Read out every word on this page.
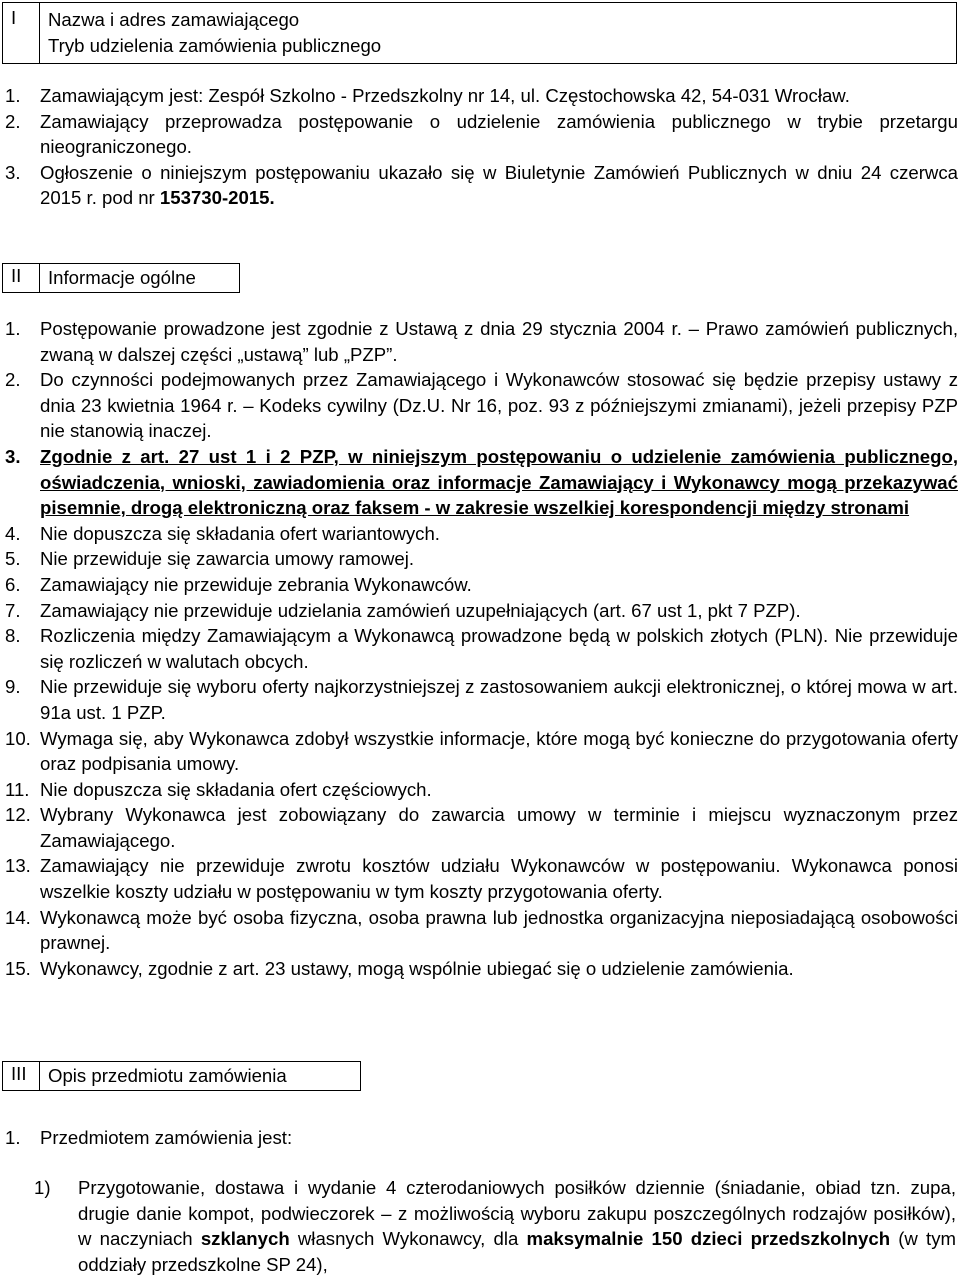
I	Nazwa i adres zamawiającego
Tryb udzielenia zamówienia publicznego
1.	Zamawiającym jest: Zespół Szkolno - Przedszkolny nr 14, ul. Częstochowska 42, 54-031 Wrocław.
2.	Zamawiający przeprowadza postępowanie o udzielenie zamówienia publicznego w trybie przetargu nieograniczonego.
3.	Ogłoszenie o niniejszym postępowaniu ukazało się w Biuletynie Zamówień Publicznych w dniu 24 czerwca 2015 r. pod nr 153730-2015.
II	Informacje ogólne
1.	Postępowanie prowadzone jest zgodnie z Ustawą z dnia 29 stycznia 2004 r. – Prawo zamówień publicznych, zwaną w dalszej części „ustawą” lub „PZP”.
2.	Do czynności podejmowanych przez Zamawiającego i Wykonawców stosować się będzie przepisy ustawy z dnia 23 kwietnia 1964 r. – Kodeks cywilny (Dz.U. Nr 16, poz. 93 z późniejszymi zmianami), jeżeli przepisy PZP nie stanowią inaczej.
3.	Zgodnie z art. 27 ust 1 i 2 PZP, w niniejszym postępowaniu o udzielenie zamówienia publicznego, oświadczenia, wnioski, zawiadomienia oraz informacje Zamawiający i Wykonawcy mogą przekazywać pisemnie, drogą elektroniczną oraz faksem - w zakresie wszelkiej korespondencji między stronami
4.	Nie dopuszcza się składania ofert wariantowych.
5.	Nie przewiduje się zawarcia umowy ramowej.
6.	Zamawiający nie przewiduje zebrania Wykonawców.
7.	Zamawiający nie przewiduje udzielania zamówień uzupełniających (art. 67 ust 1, pkt 7 PZP).
8.	Rozliczenia między Zamawiającym a Wykonawcą prowadzone będą w polskich złotych (PLN). Nie przewiduje się rozliczeń w walutach obcych.
9.	Nie przewiduje się wyboru oferty najkorzystniejszej z zastosowaniem aukcji elektronicznej, o której mowa w art. 91a ust. 1 PZP.
10. Wymaga się, aby Wykonawca zdobył wszystkie informacje, które mogą być konieczne do przygotowania oferty oraz podpisania umowy.
11. Nie dopuszcza się składania ofert częściowych.
12. Wybrany Wykonawca jest zobowiązany do zawarcia umowy w terminie i miejscu wyznaczonym przez Zamawiającego.
13. Zamawiający nie przewiduje zwrotu kosztów udziału Wykonawców w postępowaniu. Wykonawca ponosi wszelkie koszty udziału w postępowaniu w tym koszty przygotowania oferty.
14. Wykonawcą może być osoba fizyczna, osoba prawna lub jednostka organizacyjna nieposiadającą osobowości prawnej.
15. Wykonawcy, zgodnie z art. 23 ustawy, mogą wspólnie ubiegać się o udzielenie zamówienia.
III	Opis przedmiotu zamówienia
1.	Przedmiotem zamówienia jest:
1)	Przygotowanie, dostawa i wydanie 4 czterodaniowych posiłków dziennie (śniadanie, obiad tzn. zupa, drugie danie kompot, podwieczorek – z możliwością wyboru zakupu poszczególnych rodzajów posiłków), w naczyniach szklanych własnych Wykonawcy, dla maksymalnie 150 dzieci przedszkolnych (w tym oddziały przedszkolne SP 24),
